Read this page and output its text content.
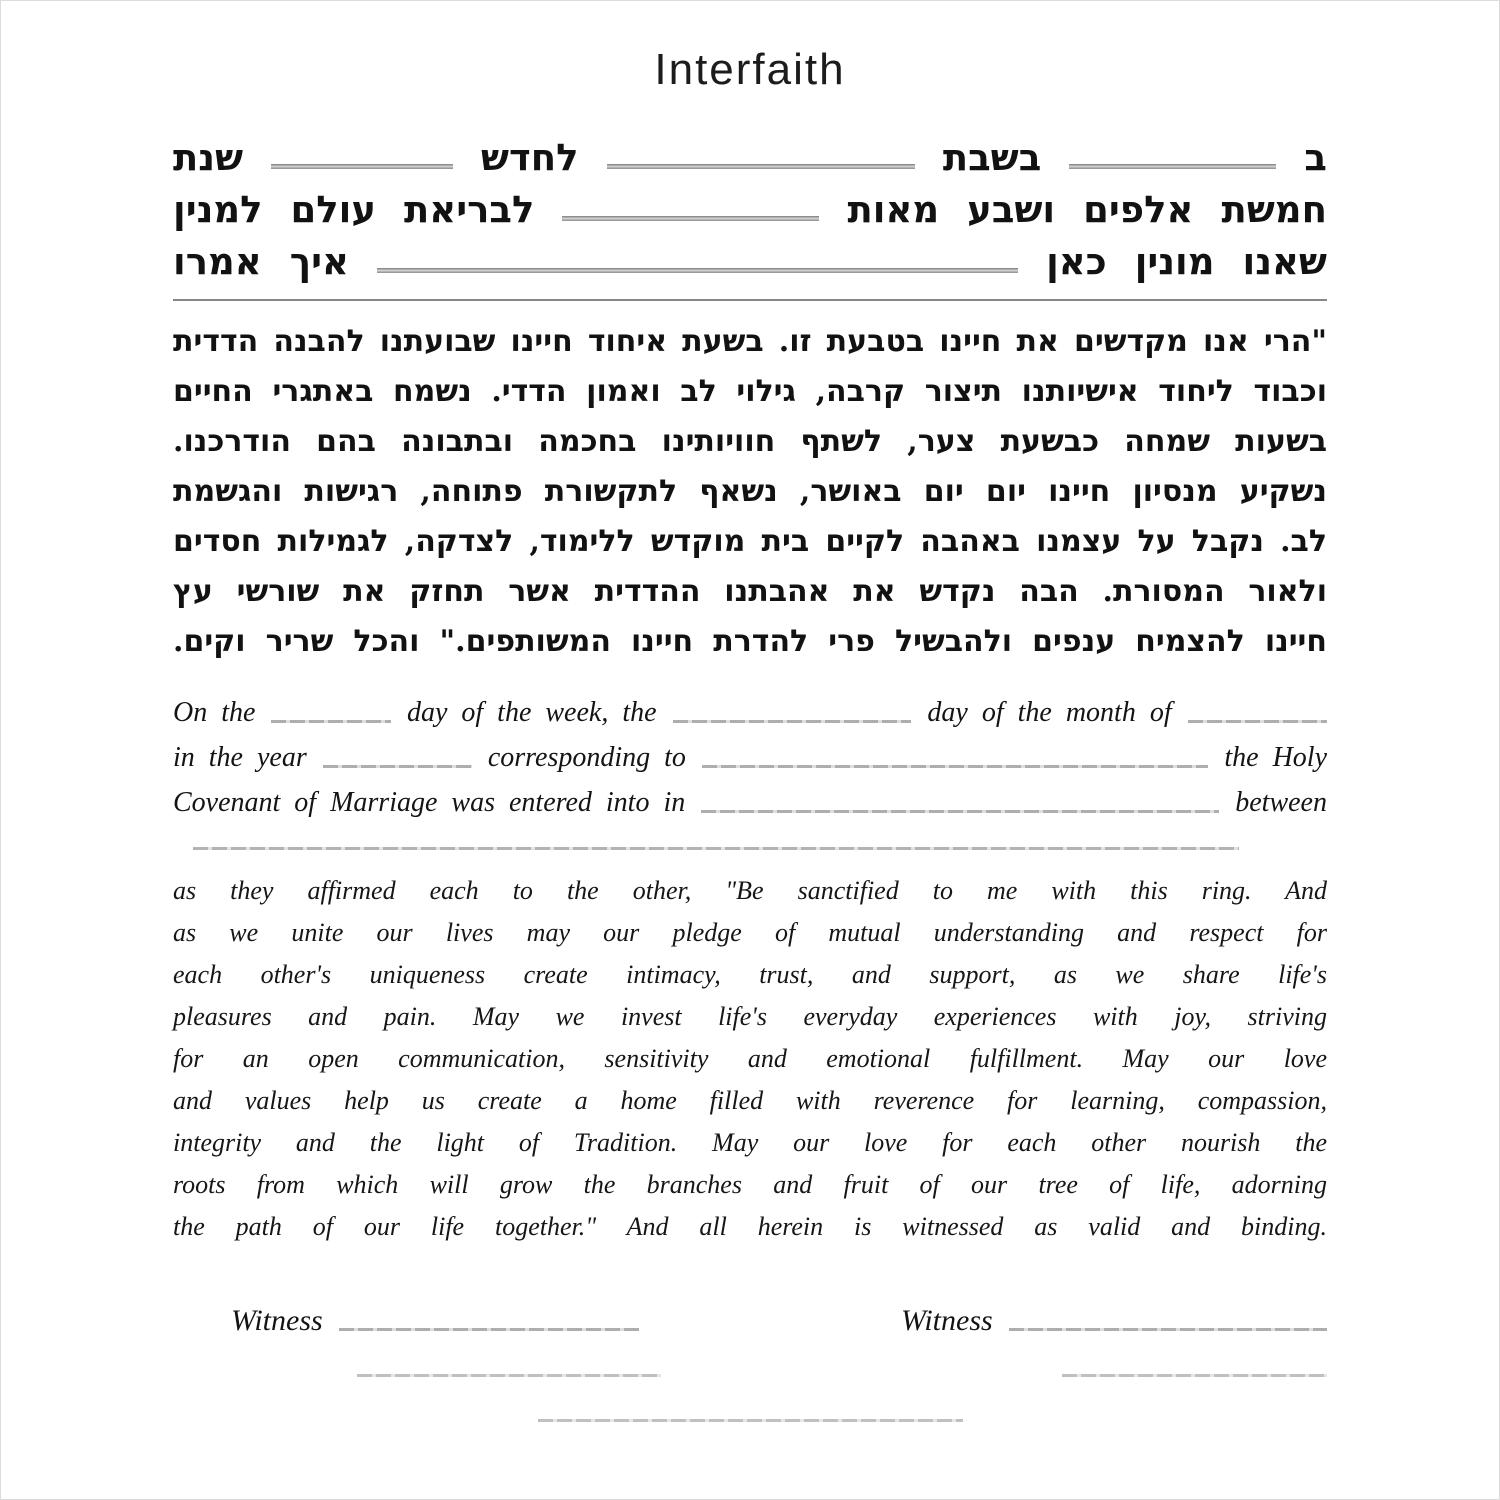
Interfaith
ב
בשבת
לחדש
שנת
חמשת
אלפים
ושבע
מאות
לבריאת
עולם
למנין
שאנו
מונין
כאן
איך
אמרו
"הרי אנו מקדשים את חיינו בטבעת זו. בשעת איחוד חיינו שבועתנו להבנה הדדית
וכבוד ליחוד אישיותנו תיצור קרבה, גילוי לב ואמון הדדי. נשמח באתגרי החיים
בשעות שמחה כבשעת צער, לשתף חוויותינו בחכמה ובתבונה בהם הודרכנו.
נשקיע מנסיון חיינו יום יום באושר, נשאף לתקשורת פתוחה, רגישות והגשמת
לב. נקבל על עצמנו באהבה לקיים בית מוקדש ללימוד, לצדקה, לגמילות חסדים
ולאור המסורת. הבה נקדש את אהבתנו ההדדית אשר תחזק את שורשי עץ
חיינו להצמיח ענפים ולהבשיל פרי להדרת חיינו המשותפים." והכל שריר וקים.
On the	day of the week, the	day of the month of
in the year	corresponding to	the Holy
Covenant of Marriage was entered into in	between
as they affirmed each to the other, "Be sanctified to me with this ring. And
as we unite our lives may our pledge of mutual understanding and respect for
each other's uniqueness create intimacy, trust, and support, as we share life's
pleasures and pain. May we invest life's everyday experiences with joy, striving
for an open communication, sensitivity and emotional fulfillment. May our love
and values help us create a home filled with reverence for learning, compassion,
integrity and the light of Tradition. May our love for each other nourish the
roots from which will grow the branches and fruit of our tree of life, adorning
the path of our life together." And all herein is witnessed as valid and binding.
Witness	Witness
